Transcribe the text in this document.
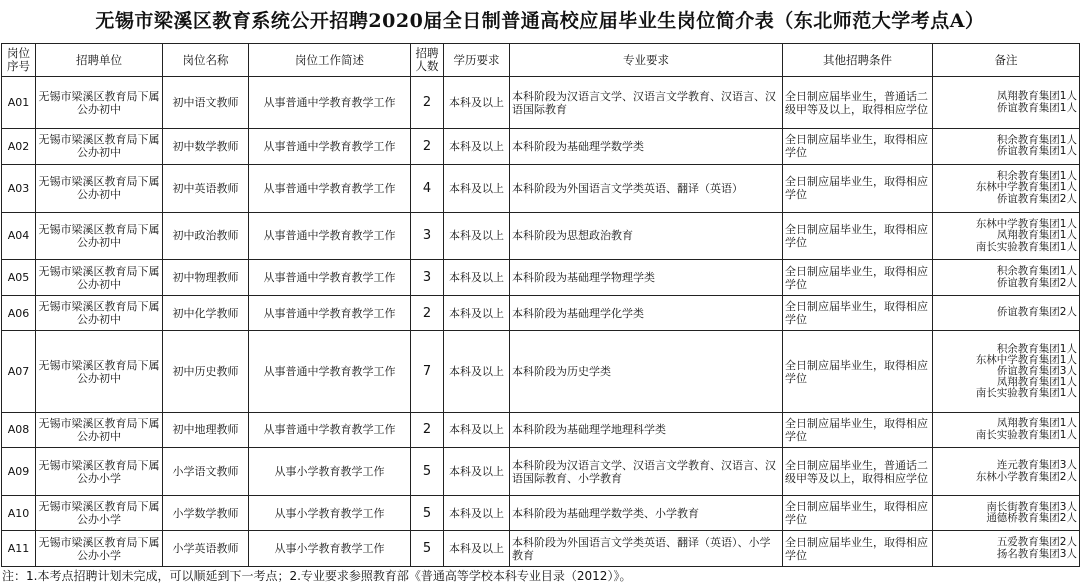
无锡市梁溪区教育系统公开招聘2020届全日制普通高校应届毕业生岗位简介表（东北师范大学考点A）
岗位序号	招聘单位	岗位名称	岗位工作简述	招聘人数	学历要求	专业要求	其他招聘条件	备注
A01	无锡市梁溪区教育局下属公办初中	初中语文教师	从事普通中学教育教学工作	2	本科及以上	本科阶段为汉语言文学、汉语言文学教育、汉语言、汉语国际教育	全日制应届毕业生，普通话二级甲等及以上，取得相应学位	凤翔教育集团1人
侨谊教育集团1人

A02	无锡市梁溪区教育局下属公办初中	初中数学教师	从事普通中学教育教学工作	2	本科及以上	本科阶段为基础理学数学类	全日制应届毕业生，取得相应学位	积余教育集团1人
侨谊教育集团1人

A03	无锡市梁溪区教育局下属公办初中	初中英语教师	从事普通中学教育教学工作	4	本科及以上	本科阶段为外国语言文学类英语、翻译（英语）	全日制应届毕业生，取得相应学位	积余教育集团1人
东林中学教育集团1人
侨谊教育集团2人

A04	无锡市梁溪区教育局下属公办初中	初中政治教师	从事普通中学教育教学工作	3	本科及以上	本科阶段为思想政治教育	全日制应届毕业生，取得相应学位	东林中学教育集团1人
凤翔教育集团1人
南长实验教育集团1人

A05	无锡市梁溪区教育局下属公办初中	初中物理教师	从事普通中学教育教学工作	3	本科及以上	本科阶段为基础理学物理学类	全日制应届毕业生，取得相应学位	积余教育集团1人
侨谊教育集团2人

A06	无锡市梁溪区教育局下属公办初中	初中化学教师	从事普通中学教育教学工作	2	本科及以上	本科阶段为基础理学化学类	全日制应届毕业生，取得相应学位	侨谊教育集团2人

A07	无锡市梁溪区教育局下属公办初中	初中历史教师	从事普通中学教育教学工作	7	本科及以上	本科阶段为历史学类	全日制应届毕业生，取得相应学位	积余教育集团1人
东林中学教育集团1人
侨谊教育集团3人
凤翔教育集团1人
南长实验教育集团1人

A08	无锡市梁溪区教育局下属公办初中	初中地理教师	从事普通中学教育教学工作	2	本科及以上	本科阶段为基础理学地理科学类	全日制应届毕业生，取得相应学位	凤翔教育集团1人
南长实验教育集团1人

A09	无锡市梁溪区教育局下属公办小学	小学语文教师	从事小学教育教学工作	5	本科及以上	本科阶段为汉语言文学、汉语言文学教育、汉语言、汉语国际教育、小学教育	全日制应届毕业生，普通话二级甲等及以上，取得相应学位	连元教育集团3人
东林小学教育集团2人

A10	无锡市梁溪区教育局下属公办小学	小学数学教师	从事小学教育教学工作	5	本科及以上	本科阶段为基础理学数学类、小学教育	全日制应届毕业生，取得相应学位	南长街教育集团3人
通德桥教育集团2人

A11	无锡市梁溪区教育局下属公办小学	小学英语教师	从事小学教育教学工作	5	本科及以上	本科阶段为外国语言文学类英语、翻译（英语）、小学教育	全日制应届毕业生，取得相应学位	五爱教育集团2人
扬名教育集团3人
注：1.本考点招聘计划未完成，可以顺延到下一考点；2.专业要求参照教育部《普通高等学校本科专业目录（2012）》。
